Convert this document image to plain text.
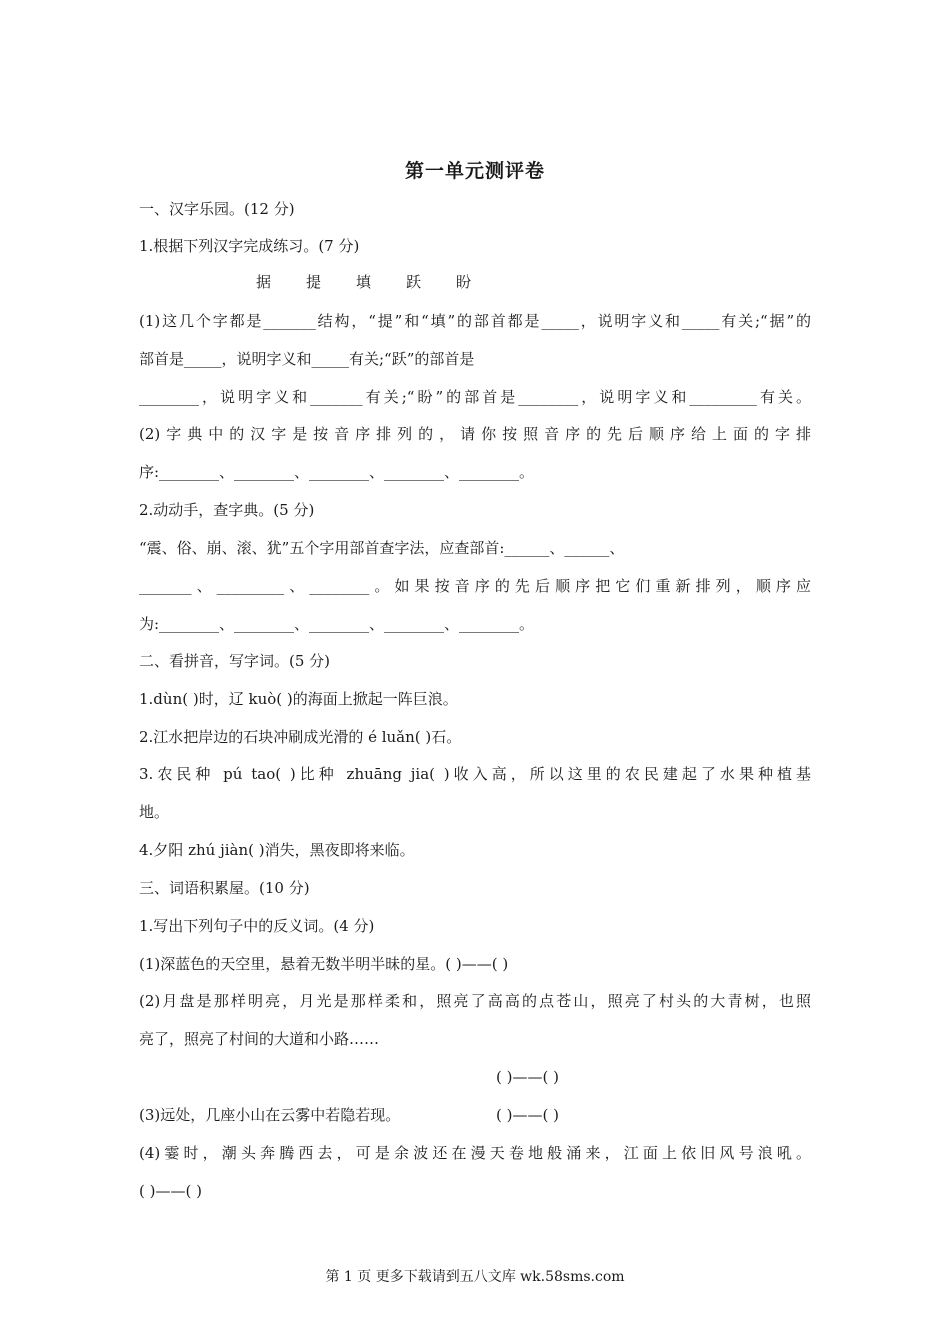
第一单元测评卷
一、汉字乐园。(12 分)
1.根据下列汉字完成练习。(7 分)
据 提 填 跃 盼
(1)这几个字都是_______结构，“提”和“填”的部首都是_____，说明字义和_____有关;“据”的
部首是_____，说明字义和_____有关;“跃”的部首是
________，说明字义和_______有关;“盼”的部首是________，说明字义和_________有关。
(2)字典中的汉字是按音序排列的，请你按照音序的先后顺序给上面的字排
序:________、________、________、________、________。
2.动动手，查字典。(5 分)
“震、俗、崩、滚、犹”五个字用部首查字法，应查部首:______、______、
_______、_________、________。如果按音序的先后顺序把它们重新排列，顺序应
为:________、________、________、________、________。
二、看拼音，写字词。(5 分)
1.dùn( )时，辽 kuò( )的海面上掀起一阵巨浪。
2.江水把岸边的石块冲刷成光滑的 é luǎn( )石。
3.农民种 pú tao( )比种 zhuāng jia( )收入高，所以这里的农民建起了水果种植基
地。
4.夕阳 zhú jiàn( )消失，黑夜即将来临。
三、词语积累屋。(10 分)
1.写出下列句子中的反义词。(4 分)
(1)深蓝色的天空里，悬着无数半明半昧的星。( )——( )
(2)月盘是那样明亮，月光是那样柔和，照亮了高高的点苍山，照亮了村头的大青树，也照
亮了，照亮了村间的大道和小路……
( )——( )
(3)远处，几座小山在云雾中若隐若现。	( )——( )
(4)霎时，潮头奔腾西去，可是余波还在漫天卷地般涌来，江面上依旧风号浪吼。
( )——( )
第 1 页 更多下载请到五八文库 wk.58sms.com
